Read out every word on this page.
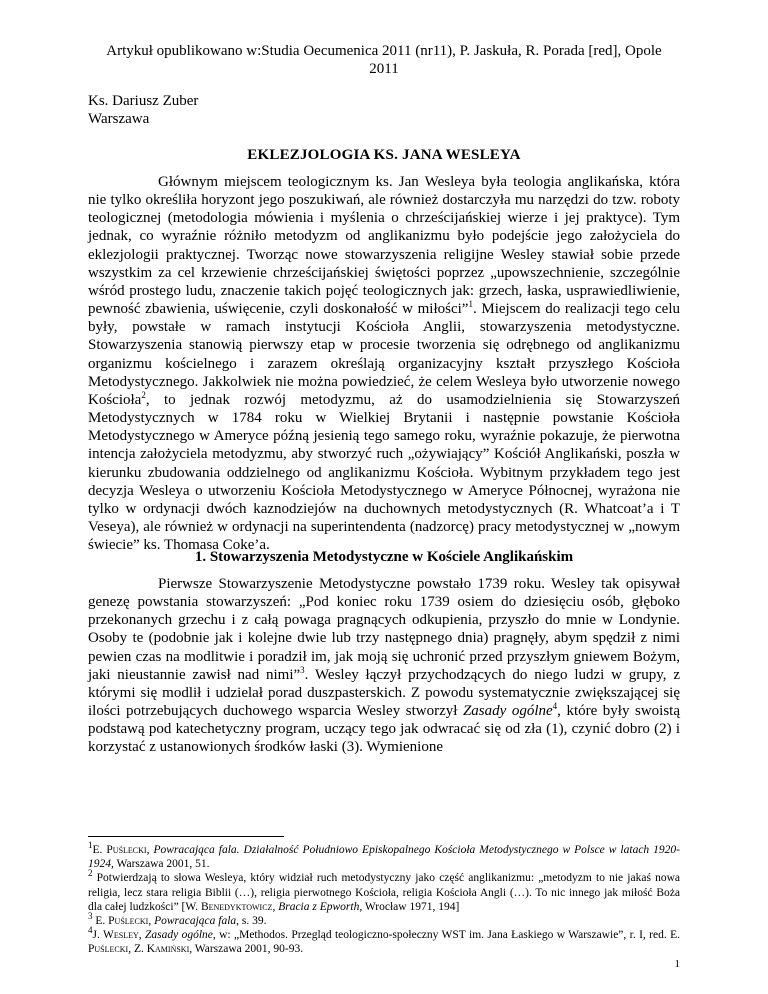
Artykuł opublikowano w:Studia Oecumenica 2011 (nr11), P. Jaskuła, R. Porada [red], Opole
2011
Ks. Dariusz Zuber
Warszawa
EKLEZJOLOGIA KS. JANA WESLEYA

Głównym miejscem teologicznym ks. Jan Wesleya była teologia anglikańska, która nie tylko określiła horyzont jego poszukiwań, ale również dostarczyła mu narzędzi do tzw. roboty teologicznej (metodologia mówienia i myślenia o chrześcijańskiej wierze i jej praktyce). Tym jednak, co wyraźnie różniło metodyzm od anglikanizmu było podejście jego założyciela do eklezjologii praktycznej. Tworząc nowe stowarzyszenia religijne Wesley stawiał sobie przede wszystkim za cel krzewienie chrześcijańskiej świętości poprzez „upowszechnienie, szczególnie wśród prostego ludu, znaczenie takich pojęć teologicznych jak: grzech, łaska, usprawiedliwienie, pewność zbawienia, uświęcenie, czyli doskonałość w miłości”$^1$. Miejscem do realizacji tego celu były, powstałe w ramach instytucji Kościoła Anglii, stowarzyszenia metodystyczne. Stowarzyszenia stanowią pierwszy etap w procesie tworzenia się odrębnego od anglikanizmu organizmu kościelnego i zarazem określają organizacyjny kształt przyszłego Kościoła Metodystycznego. Jakkolwiek nie można powiedzieć, że celem Wesleya było utworzenie nowego Kościoła$^2$, to jednak rozwój metodyzmu, aż do usamodzielnienia się Stowarzyszeń Metodystycznych w 1784 roku w Wielkiej Brytanii i następnie powstanie Kościoła Metodystycznego w Ameryce późną jesienią tego samego roku, wyraźnie pokazuje, że pierwotna intencja założyciela metodyzmu, aby stworzyć ruch „ożywiający” Kościół Anglikański, poszła w kierunku zbudowania oddzielnego od anglikanizmu Kościoła. Wybitnym przykładem tego jest decyzja Wesleya o utworzeniu Kościoła Metodystycznego w Ameryce Północnej, wyrażona nie tylko w ordynacji dwóch kaznodziejów na duchownych metodystycznych (R. Whatcoat’a i T Veseya), ale również w ordynacji na superintendenta (nadzorcę) pracy metodystycznej w „nowym świecie” ks. Thomasa Coke’a.

1. Stowarzyszenia Metodystyczne w Kościele Anglikańskim

Pierwsze Stowarzyszenie Metodystyczne powstało 1739 roku. Wesley tak opisywał genezę powstania stowarzyszeń: „Pod koniec roku 1739 osiem do dziesięciu osób, głęboko przekonanych grzechu i z całą powaga pragnących odkupienia, przyszło do mnie w Londynie. Osoby te (podobnie jak i kolejne dwie lub trzy następnego dnia) pragnęły, abym spędził z nimi pewien czas na modlitwie i poradził im, jak moją się uchronić przed przyszłym gniewem Bożym, jaki nieustannie zawisł nad nimi”$^3$. Wesley łączył przychodzących do niego ludzi w grupy, z którymi się modlił i udzielał porad duszpasterskich. Z powodu systematycznie zwiększającej się ilości potrzebujących duchowego wsparcia Wesley stworzył Zasady ogólne$^4$, które były swoistą podstawą pod katechetyczny program, uczący tego jak odwracać się od zła (1), czynić dobro (2) i korzystać z ustanowionych środków łaski (3). Wymienione

$^1$E. Puślecki, Powracająca fala. Działalność Południowo Episkopalnego Kościoła Metodystycznego w Polsce w latach 1920-1924, Warszawa 2001, 51.

$^2$ Potwierdzają to słowa Wesleya, który widział ruch metodystyczny jako część anglikanizmu: „metodyzm to nie jakaś nowa religia, lecz stara religia Biblii (…), religia pierwotnego Kościoła, religia Kościoła Angli (…). To nic innego jak miłość Boża dla całej ludzkości” [W. Benedyktowicz, Bracia z Epworth, Wrocław 1971, 194]

$^3$ E. Puślecki, Powracająca fala, s. 39.

$^4$J. Wesley, Zasady ogólne, w: „Methodos. Przegląd teologiczno-społeczny WST im. Jana Łaskiego w Warszawie”, r. I, red. E. Puślecki, Z. Kamiński, Warszawa 2001, 90-93.

1
